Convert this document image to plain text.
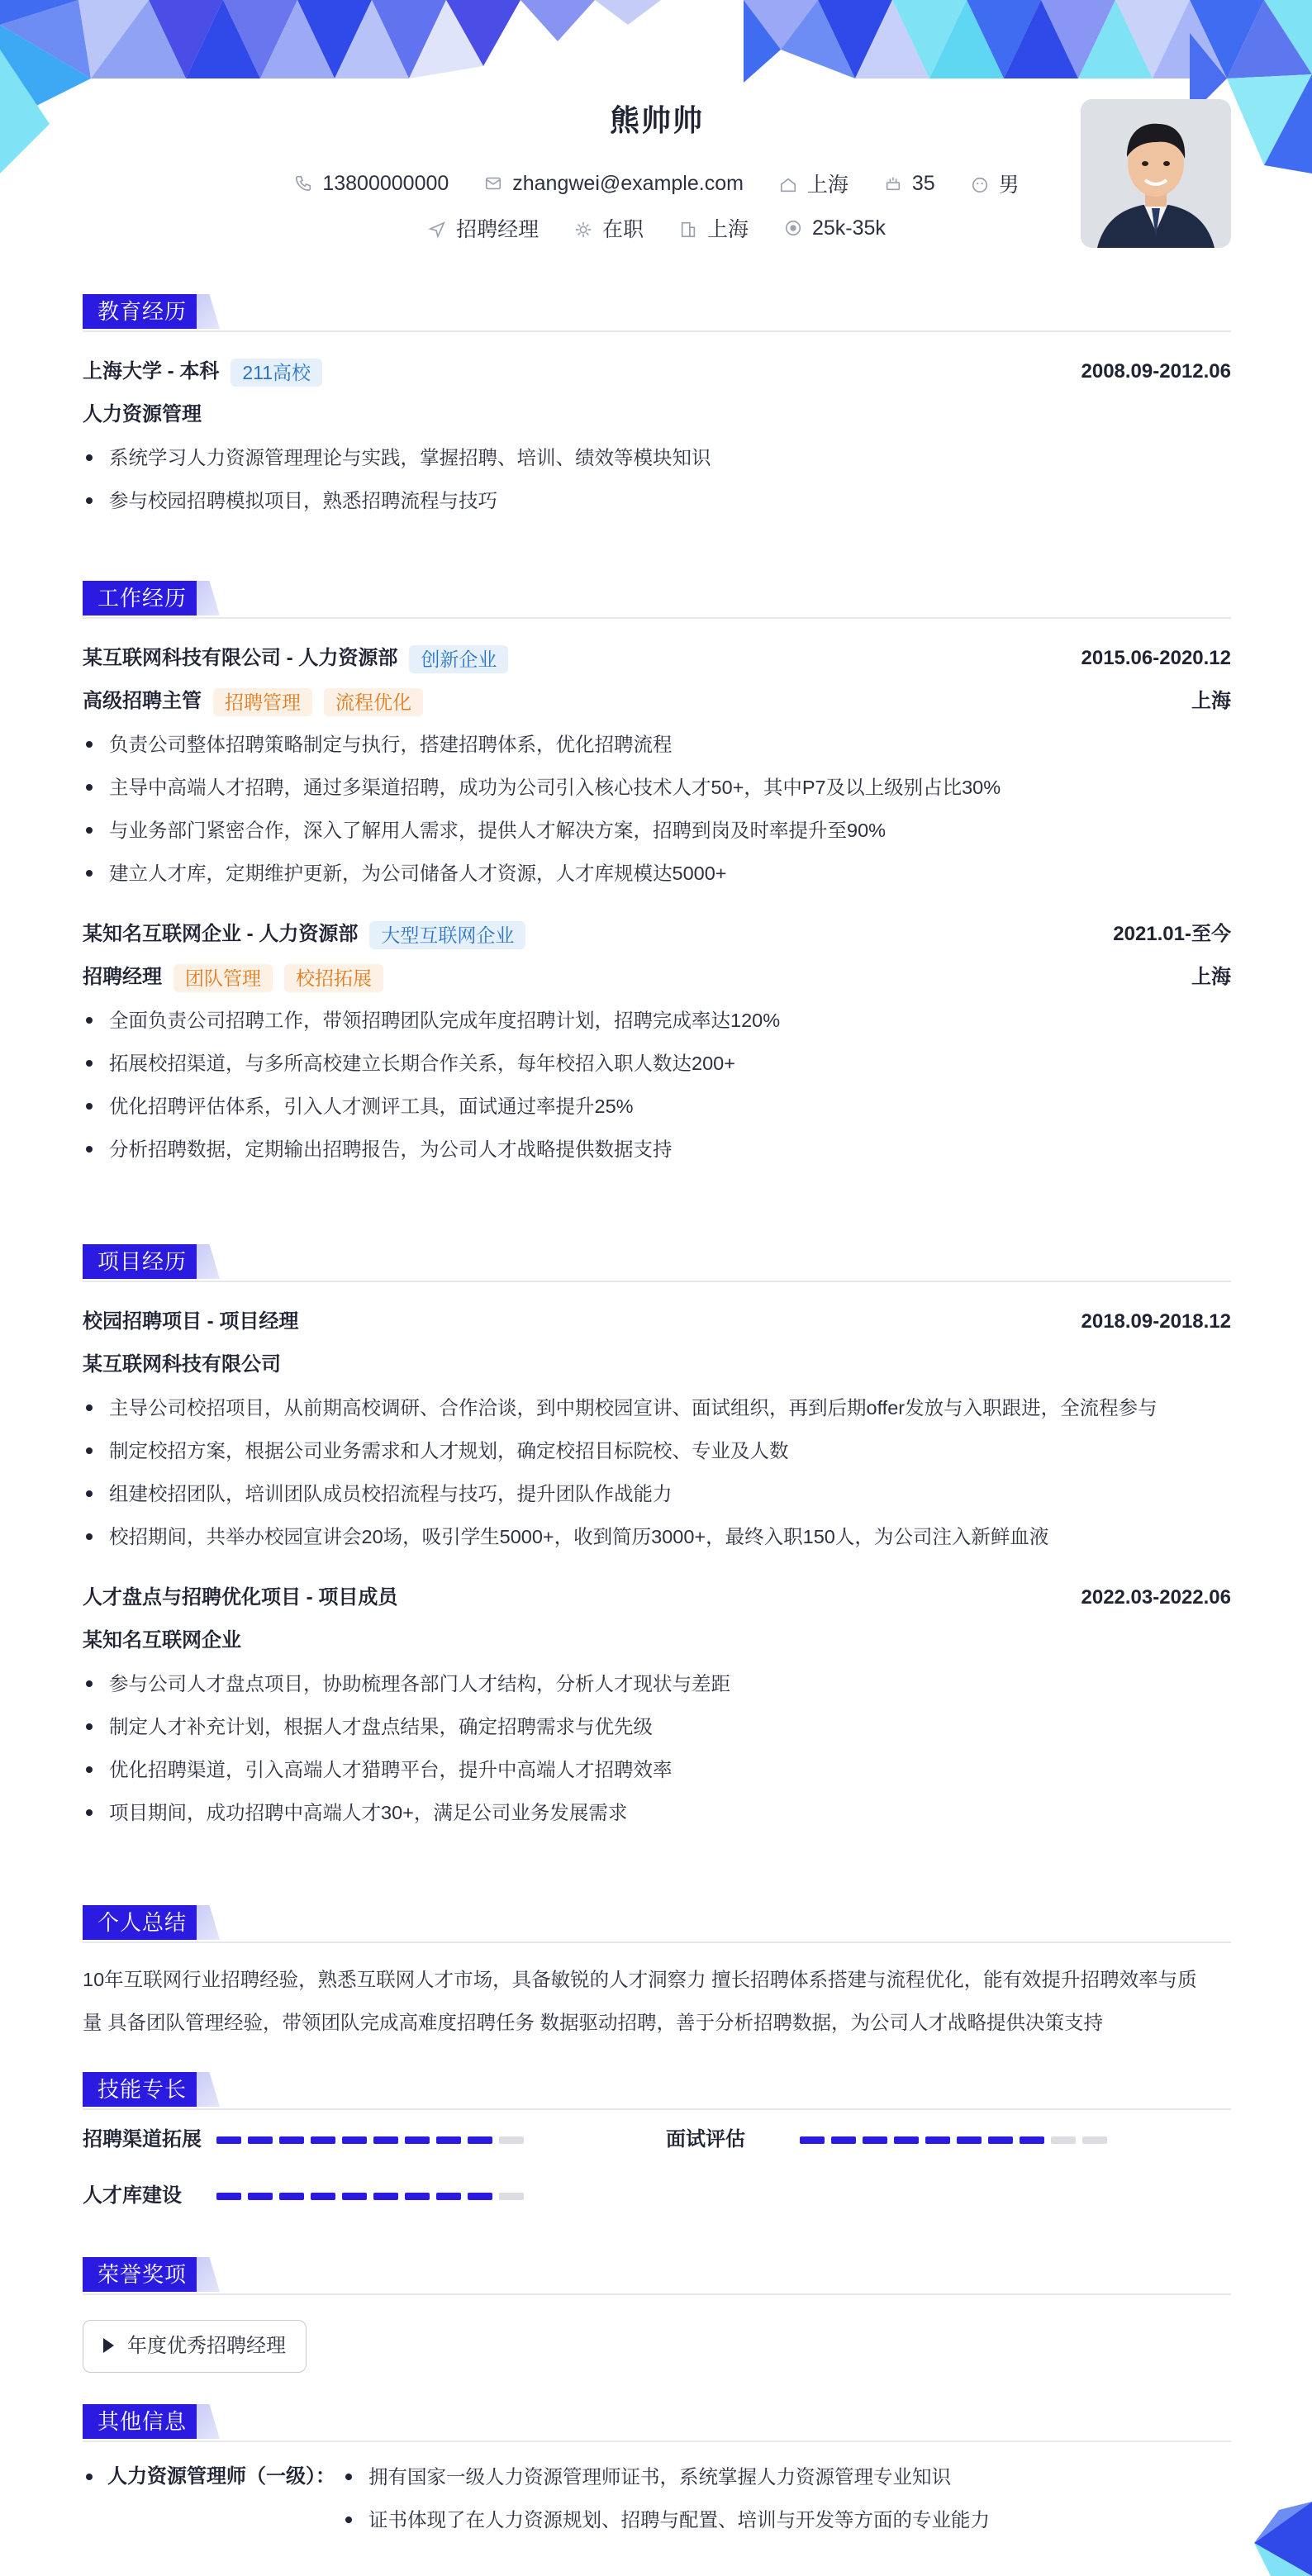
熊帅帅
13800000000	zhangwei@example.com	上海	35	男
招聘经理	在职	上海	25k-35k
教育经历
上海大学 - 本科 211高校	2008.09-2012.06
人力资源管理
系统学习人力资源管理理论与实践，掌握招聘、培训、绩效等模块知识
参与校园招聘模拟项目，熟悉招聘流程与技巧
工作经历
某互联网科技有限公司 - 人力资源部 创新企业	2015.06-2020.12
高级招聘主管 招聘管理 流程优化	上海
负责公司整体招聘策略制定与执行，搭建招聘体系，优化招聘流程
主导中高端人才招聘，通过多渠道招聘，成功为公司引入核心技术人才50+，其中P7及以上级别占比30%
与业务部门紧密合作，深入了解用人需求，提供人才解决方案，招聘到岗及时率提升至90%
建立人才库，定期维护更新，为公司储备人才资源，人才库规模达5000+
某知名互联网企业 - 人力资源部 大型互联网企业	2021.01-至今
招聘经理 团队管理 校招拓展	上海
全面负责公司招聘工作，带领招聘团队完成年度招聘计划，招聘完成率达120%
拓展校招渠道，与多所高校建立长期合作关系，每年校招入职人数达200+
优化招聘评估体系，引入人才测评工具，面试通过率提升25%
分析招聘数据，定期输出招聘报告，为公司人才战略提供数据支持
项目经历
校园招聘项目 - 项目经理	2018.09-2018.12
某互联网科技有限公司
主导公司校招项目，从前期高校调研、合作洽谈，到中期校园宣讲、面试组织，再到后期offer发放与入职跟进，全流程参与
制定校招方案，根据公司业务需求和人才规划，确定校招目标院校、专业及人数
组建校招团队，培训团队成员校招流程与技巧，提升团队作战能力
校招期间，共举办校园宣讲会20场，吸引学生5000+，收到简历3000+，最终入职150人，为公司注入新鲜血液
人才盘点与招聘优化项目 - 项目成员	2022.03-2022.06
某知名互联网企业
参与公司人才盘点项目，协助梳理各部门人才结构，分析人才现状与差距
制定人才补充计划，根据人才盘点结果，确定招聘需求与优先级
优化招聘渠道，引入高端人才猎聘平台，提升中高端人才招聘效率
项目期间，成功招聘中高端人才30+，满足公司业务发展需求
个人总结
10年互联网行业招聘经验，熟悉互联网人才市场，具备敏锐的人才洞察力 擅长招聘体系搭建与流程优化，能有效提升招聘效率与质
量 具备团队管理经验，带领团队完成高难度招聘任务 数据驱动招聘，善于分析招聘数据，为公司人才战略提供决策支持
技能专长
招聘渠道拓展	面试评估
人才库建设
荣誉奖项
年度优秀招聘经理
其他信息
人力资源管理师（一级）：	拥有国家一级人力资源管理师证书，系统掌握人力资源管理专业知识
证书体现了在人力资源规划、招聘与配置、培训与开发等方面的专业能力
